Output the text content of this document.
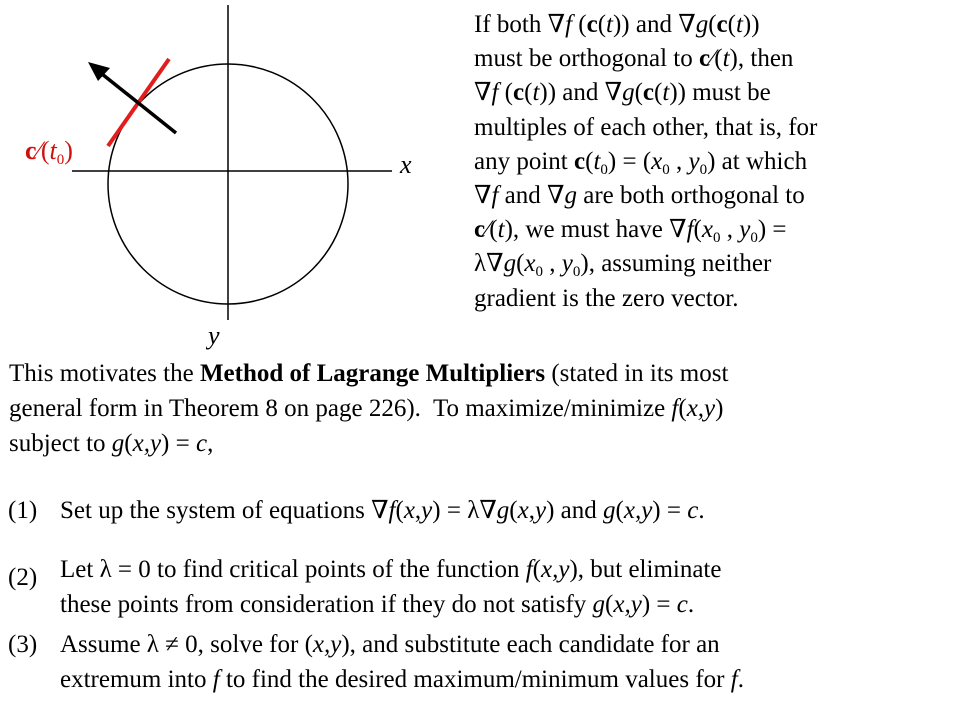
x
y
$c⁄(t_0)$
If both ∇f (c(t)) and ∇g(c(t))
must be orthogonal to c⁄(t), then
∇f (c(t)) and ∇g(c(t)) must be
multiples of each other, that is, for
any point $c(t_0) = (x_0$ , $y_0$) at which
∇f and ∇g are both orthogonal to
c⁄(t), we must have $\nabla f(x_0$ , $y_0$) =
$\lambda\nabla g(x_0$ , $y_0$), assuming neither
gradient is the zero vector.
This motivates the Method of Lagrange Multipliers (stated in its most
general form in Theorem 8 on page 226).  To maximize/minimize f(x,y)
subject to g(x,y) = c,
(1) Set up the system of equations ∇f(x,y) = λ∇g(x,y) and g(x,y) = c.
(2) Let λ = 0 to find critical points of the function f(x,y), but eliminate
these points from consideration if they do not satisfy g(x,y) = c.
(3) Assume λ ≠ 0, solve for (x,y), and substitute each candidate for an
extremum into f to find the desired maximum/minimum values for f.
